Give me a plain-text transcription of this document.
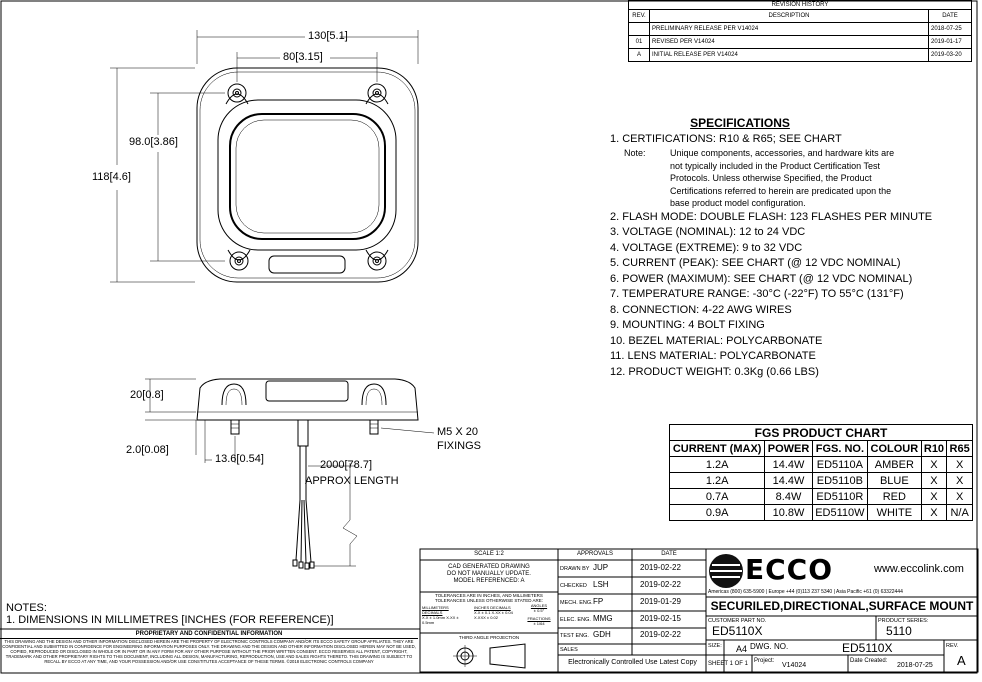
130[5.1]
80[3.15]
98.0[3.86]
118[4.6]
20[0.8]
2.0[0.08]
13.6[0.54]
M5 X 20
FIXINGS
2000[78.7]
APPROX LENGTH
REVISION HISTORY		
REV.	DESCRIPTION	DATE
	PRELIMINARY RELEASE PER V14024	2018-07-25
01	REVISED PER V14024	2019-01-17
A	INITIAL RELEASE PER V14024	2019-03-20
SPECIFICATIONS
1. CERTIFICATIONS: R10 & R65; SEE CHART
Note:	Unique components, accessories, and hardware kits are
not typically included in the Product Certification Test
Protocols. Unless otherwise Specified, the Product
Certifications referred to herein are predicated upon the
base product model configuration.
2. FLASH MODE: DOUBLE FLASH: 123 FLASHES PER MINUTE
3. VOLTAGE (NOMINAL): 12 to 24 VDC
4. VOLTAGE (EXTREME): 9 to 32 VDC
5. CURRENT (PEAK): SEE CHART (@ 12 VDC NOMINAL)
6. POWER (MAXIMUM): SEE CHART (@ 12 VDC NOMINAL)
7. TEMPERATURE RANGE: -30°C (-22°F) TO 55°C (131°F)
8. CONNECTION: 4-22 AWG WIRES
9. MOUNTING: 4 BOLT FIXING
10. BEZEL MATERIAL: POLYCARBONATE
11. LENS MATERIAL: POLYCARBONATE
12. PRODUCT WEIGHT: 0.3Kg (0.66 LBS)
FGS PRODUCT CHART					
CURRENT (MAX)	POWER	FGS. NO.	COLOUR	R10	R65
1.2A	14.4W	ED5110A	AMBER	X	X
1.2A	14.4W	ED5110B	BLUE	X	X
0.7A	8.4W	ED5110R	RED	X	X
0.9A	10.8W	ED5110W	WHITE	X	N/A
NOTES:
1. DIMENSIONS IN MILLIMETRES [INCHES (FOR REFERENCE)]
PROPRIETARY AND CONFIDENTIAL INFORMATION
THIS DRAWING AND THE DESIGN AND OTHER INFORMATION DISCLOSED HEREIN ARE THE PROPERTY OF ELECTRONIC CONTROLS COMPANY AND/OR ITS ECCO SAFETY GROUP AFFILIATES. THEY ARE CONFIDENTIAL AND SUBMITTED IN CONFIDENCE FOR ENGINEERING INFORMATION PURPOSES ONLY. THE DRAWING AND THE DESIGN AND OTHER INFORMATION DISCLOSED HEREIN MAY NOT BE USED, COPIED, REPRODUCED OR DISCLOSED IN WHOLE OR IN PART OR IN ANY FORM FOR ANY OTHER PURPOSE WITHOUT THE PRIOR WRITTEN CONSENT. ECCO RESERVES ALL PATENT, COPYRIGHT, TRADEMARK AND OTHER PROPRIETARY RIGHTS TO THIS DOCUMENT, INCLUDING ALL DESIGN, MANUFACTURING, REPRODUCTION, USE AND SALES RIGHTS THERETO. THIS DRAWING IS SUBJECT TO RECALL BY ECCO AT ANY TIME, AND YOUR POSSESSION AND/OR USE CONSTITUTES ACCEPTANCE OF THESE TERMS. ©2018 ELECTRONIC CONTROLS COMPANY
SCALE 1:2
CAD GENERATED DRAWING
DO NOT MANUALLY UPDATE.
MODEL REFERENCED: A
TOLERANCES ARE IN INCHES, AND MILLIMETERS
TOLERANCES UNLESS OTHERWISE STATED ARE:
MILLIMETERS DECIMALS
X.X ± 1.0mm X.XX ± 0.5mm
INCHES DECIMALS
X.X ± 0.1 X.XX ± 0.04 X.XXX ± 0.02
ANGLES
± 0.5°
FRACTIONS
± 1/64
THIRD ANGLE PROJECTION
APPROVALS	DATE
DRAWN BY JUP	2019-02-22
CHECKED LSH	2019-02-22
MECH. ENG. FP	2019-01-29
ELEC. ENG. MMG	2019-02-15
TEST ENG. GDH	2019-02-22
SALES
Electronically Controlled Use Latest Copy
ECCO	www.eccolink.com
Americas (800) 635-5900 | Europe +44 (0)113 237 5340 | Asia Pacific +61 (0) 63322444
SECURILED,DIRECTIONAL,SURFACE MOUNT
CUSTOMER PART NO.
ED5110X
PRODUCT SERIES:
5110
SIZE: A4 DWG. NO.	ED5110X	REV.
A
SHEET 1 OF 1 Project:
V14024
Date Created:
2018-07-25
